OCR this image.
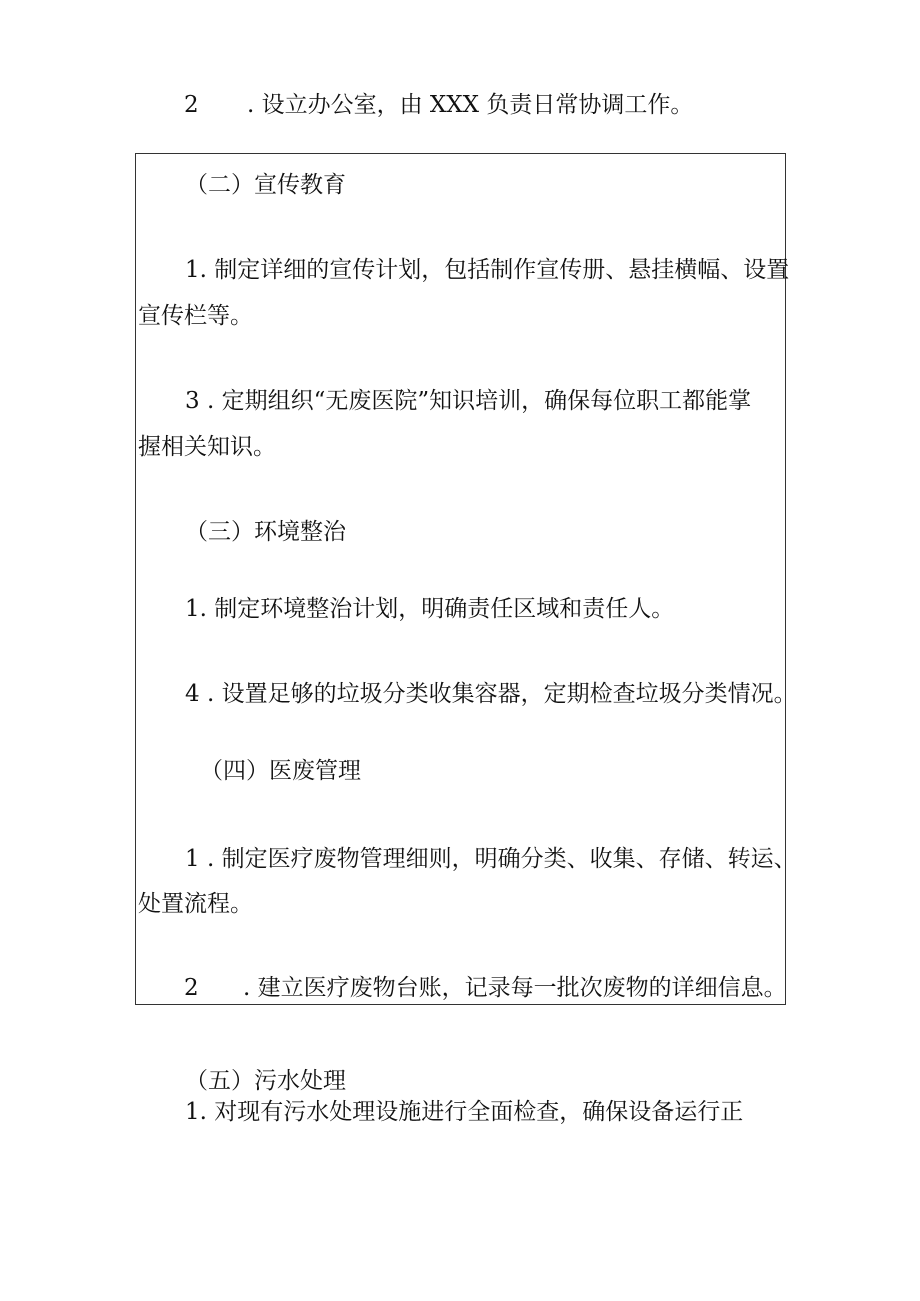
2 . 设立办公室，由 XXX 负责日常协调工作。
（二）宣传教育
1. 制定详细的宣传计划，包括制作宣传册、悬挂横幅、设置
宣传栏等。
3 . 定期组织“无废医院”知识培训，确保每位职工都能掌
握相关知识。
（三）环境整治
1. 制定环境整治计划，明确责任区域和责任人。
4 . 设置足够的垃圾分类收集容器，定期检查垃圾分类情况。
（四）医废管理
1 . 制定医疗废物管理细则，明确分类、收集、存储、转运、
处置流程。
2 . 建立医疗废物台账，记录每一批次废物的详细信息。
（五）污水处理
1. 对现有污水处理设施进行全面检查，确保设备运行正
